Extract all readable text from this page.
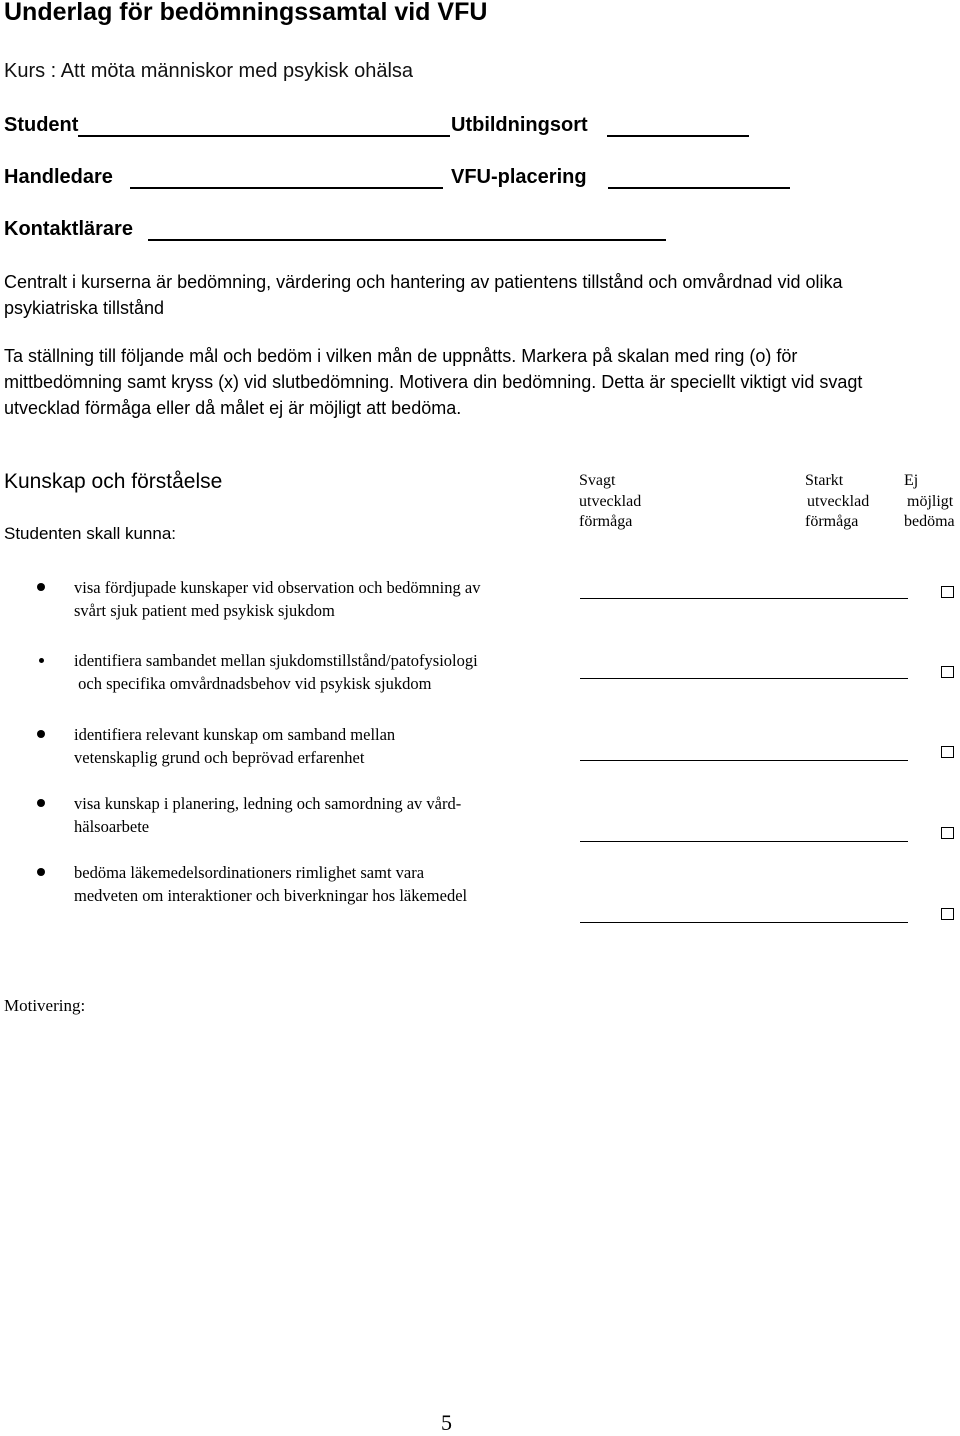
Underlag för bedömningssamtal vid VFU
Kurs : Att möta människor med psykisk ohälsa
Student	Utbildningsort
Handledare	VFU-placering
Kontaktlärare
Centralt i kurserna är bedömning, värdering och hantering av patientens tillstånd och omvårdnad vid olika psykiatriska tillstånd
Ta ställning till följande mål och bedöm i vilken mån de uppnåtts. Markera på skalan med ring (o) för mittbedömning samt kryss (x) vid slutbedömning. Motivera din bedömning. Detta är speciellt viktigt vid svagt utvecklad förmåga eller då målet ej är möjligt att bedöma.
Kunskap och förståelse
Studenten skall kunna:
Svagt
utvecklad
förmåga
Starkt
utvecklad
förmåga
Ej
möjligt
bedöma
visa fördjupade kunskaper vid observation och bedömning av
svårt sjuk patient med psykisk sjukdom
identifiera sambandet mellan sjukdomstillstånd/patofysiologi
och specifika omvårdnadsbehov vid psykisk sjukdom
identifiera relevant kunskap om samband mellan
vetenskaplig grund och beprövad erfarenhet
visa kunskap i planering, ledning och samordning av vård-
hälsoarbete
bedöma läkemedelsordinationers rimlighet samt vara
medveten om interaktioner och biverkningar hos läkemedel
Motivering:
5
